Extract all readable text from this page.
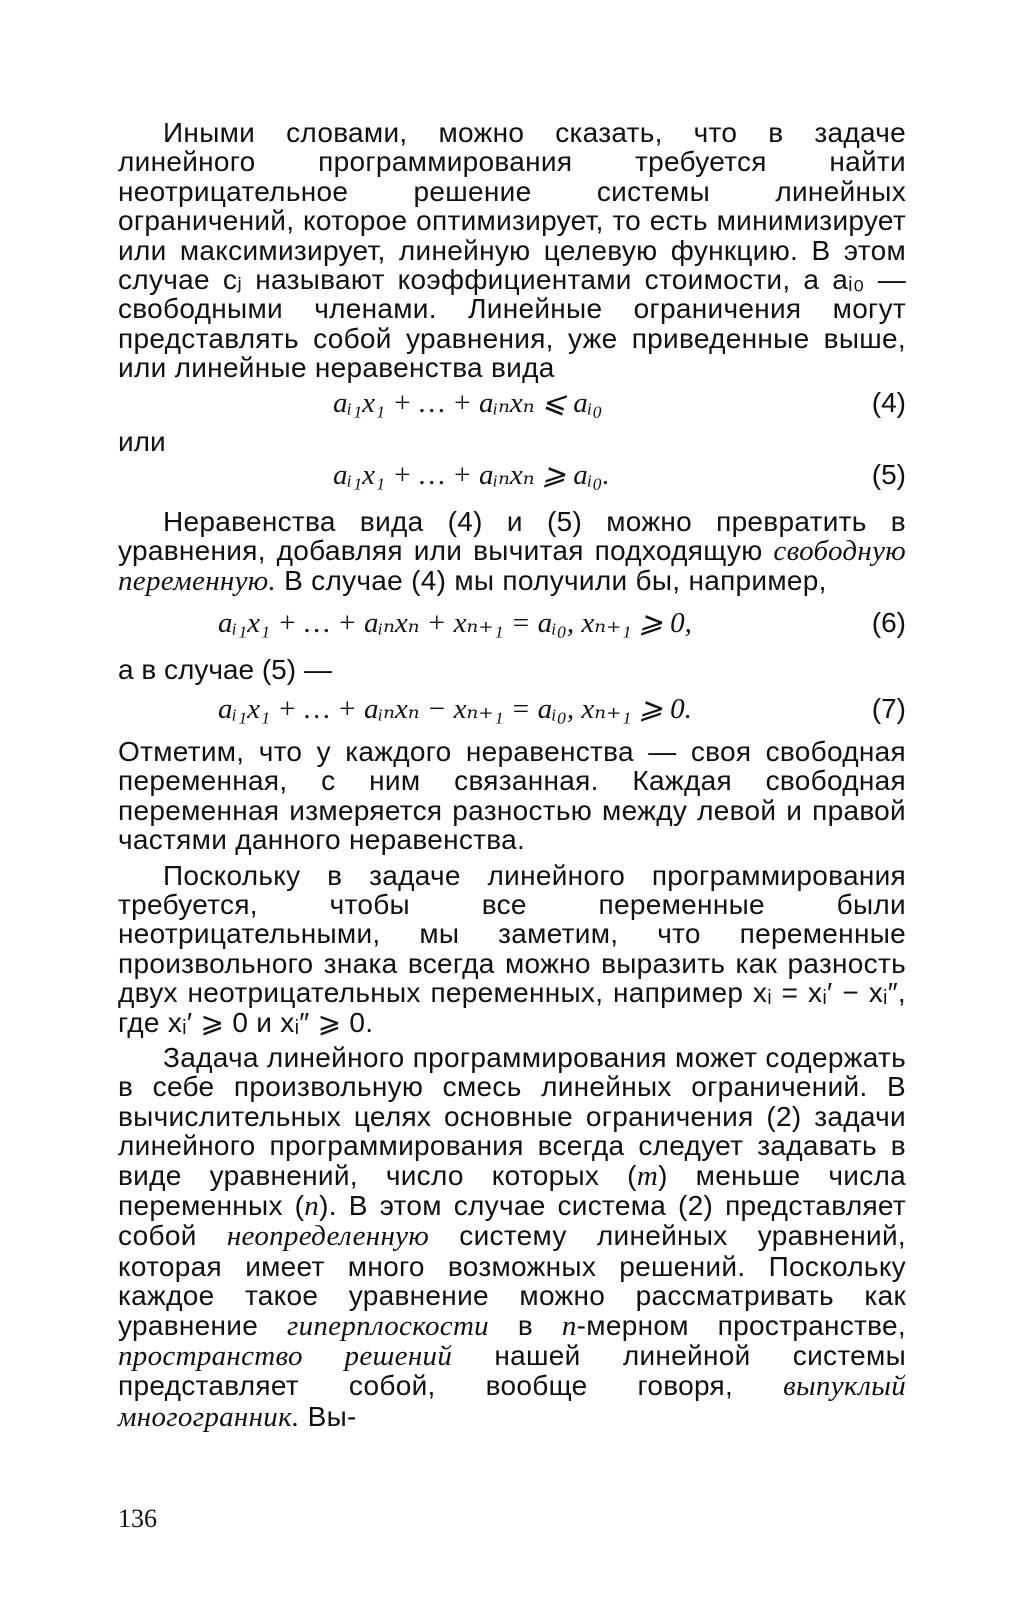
Иными словами, можно сказать, что в задаче линейного программирования требуется найти неотрицательное решение системы линейных ограничений, которое оптимизирует, то есть минимизирует или максимизирует, линейную целевую функцию. В этом случае cⱼ называют коэффициентами стоимости, а aᵢ₀ — свободными членами. Линейные ограничения могут представлять собой уравнения, уже приведенные выше, или линейные неравенства вида

aᵢ₁x₁ + … + aᵢₙxₙ ⩽ aᵢ₀	(4)
или
aᵢ₁x₁ + … + aᵢₙxₙ ⩾ aᵢ₀.	(5)

Неравенства вида (4) и (5) можно превратить в уравнения, добавляя или вычитая подходящую свободную переменную. В случае (4) мы получили бы, например,

aᵢ₁x₁ + … + aᵢₙxₙ + xₙ₊₁ = aᵢ₀, xₙ₊₁ ⩾ 0,	(6)
а в случае (5) —
aᵢ₁x₁ + … + aᵢₙxₙ − xₙ₊₁ = aᵢ₀, xₙ₊₁ ⩾ 0.	(7)

Отметим, что у каждого неравенства — своя свободная переменная, с ним связанная. Каждая свободная переменная измеряется разностью между левой и правой частями данного неравенства.

Поскольку в задаче линейного программирования требуется, чтобы все переменные были неотрицательными, мы заметим, что переменные произвольного знака всегда можно выразить как разность двух неотрицательных переменных, например xᵢ = xᵢ′ − xᵢ″, где xᵢ′ ⩾ 0 и xᵢ″ ⩾ 0.

Задача линейного программирования может содержать в себе произвольную смесь линейных ограничений. В вычислительных целях основные ограничения (2) задачи линейного программирования всегда следует задавать в виде уравнений, число которых (m) меньше числа переменных (n). В этом случае система (2) представляет собой неопределенную систему линейных уравнений, которая имеет много возможных решений. Поскольку каждое такое уравнение можно рассматривать как уравнение гиперплоскости в n-мерном пространстве, пространство решений нашей линейной системы представляет собой, вообще говоря, выпуклый многогранник. Вы-

136
